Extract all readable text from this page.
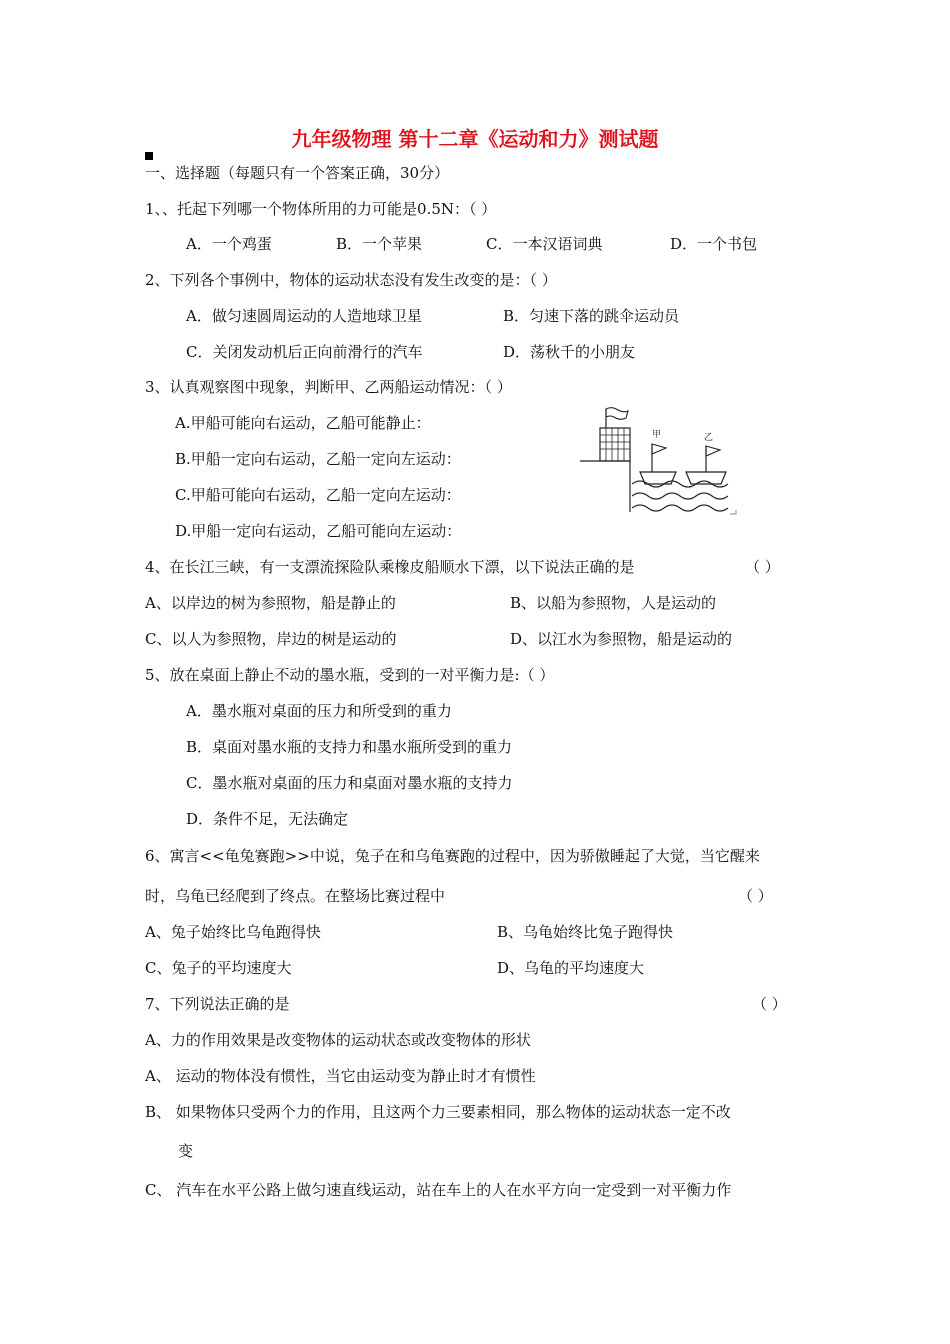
九年级物理 第十二章《运动和力》测试题
一、选择题（每题只有一个答案正确，30分）
1、、托起下列哪一个物体所用的力可能是0.5N：（ ）
A．一个鸡蛋	B．一个苹果	C．一本汉语词典	D．一个书包
2、下列各个事例中，物体的运动状态没有发生改变的是：（ ）
A．做匀速圆周运动的人造地球卫星	B．匀速下落的跳伞运动员
C．关闭发动机后正向前滑行的汽车	D．荡秋千的小朋友
3、认真观察图中现象，判断甲、乙两船运动情况：（ ）
A.甲船可能向右运动，乙船可能静止：
B.甲船一定向右运动，乙船一定向左运动：
C.甲船可能向右运动，乙船一定向左运动：
D.甲船一定向右运动，乙船可能向左运动：
4、在长江三峡，有一支漂流探险队乘橡皮船顺水下漂，以下说法正确的是	（ ）
A、以岸边的树为参照物，船是静止的	B、以船为参照物，人是运动的
C、以人为参照物，岸边的树是运动的	D、以江水为参照物，船是运动的
5、放在桌面上静止不动的墨水瓶，受到的一对平衡力是:（ ）
A．墨水瓶对桌面的压力和所受到的重力
B．桌面对墨水瓶的支持力和墨水瓶所受到的重力
C．墨水瓶对桌面的压力和桌面对墨水瓶的支持力
D．条件不足，无法确定
6、寓言<<龟兔赛跑>>中说，兔子在和乌龟赛跑的过程中，因为骄傲睡起了大觉，当它醒来
时，乌龟已经爬到了终点。在整场比赛过程中	（ ）
A、兔子始终比乌龟跑得快	B、乌龟始终比兔子跑得快
C、兔子的平均速度大	D、乌龟的平均速度大
7、下列说法正确的是	（ ）
A、力的作用效果是改变物体的运动状态或改变物体的形状
A、 运动的物体没有惯性，当它由运动变为静止时才有惯性
B、 如果物体只受两个力的作用，且这两个力三要素相同，那么物体的运动状态一定不改
变
C、 汽车在水平公路上做匀速直线运动，站在车上的人在水平方向一定受到一对平衡力作
甲	乙
